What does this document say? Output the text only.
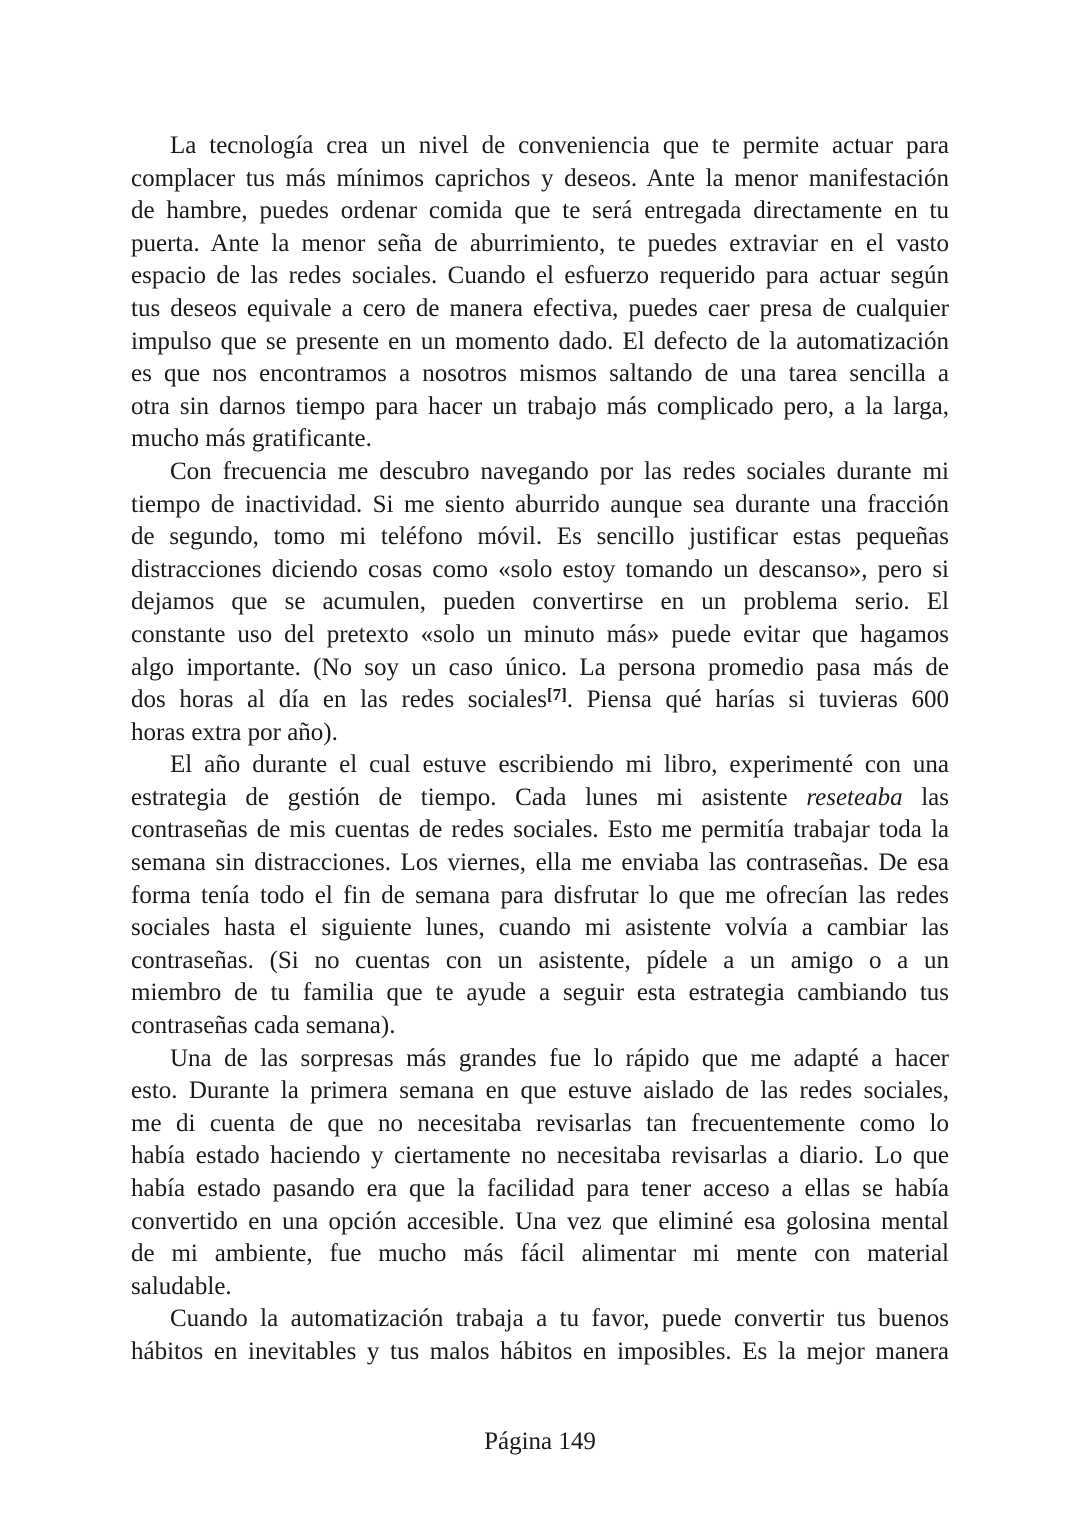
La tecnología crea un nivel de conveniencia que te permite actuar para
complacer tus más mínimos caprichos y deseos. Ante la menor manifestación
de hambre, puedes ordenar comida que te será entregada directamente en tu
puerta. Ante la menor seña de aburrimiento, te puedes extraviar en el vasto
espacio de las redes sociales. Cuando el esfuerzo requerido para actuar según
tus deseos equivale a cero de manera efectiva, puedes caer presa de cualquier
impulso que se presente en un momento dado. El defecto de la automatización
es que nos encontramos a nosotros mismos saltando de una tarea sencilla a
otra sin darnos tiempo para hacer un trabajo más complicado pero, a la larga,
mucho más gratificante.
Con frecuencia me descubro navegando por las redes sociales durante mi
tiempo de inactividad. Si me siento aburrido aunque sea durante una fracción
de segundo, tomo mi teléfono móvil. Es sencillo justificar estas pequeñas
distracciones diciendo cosas como «solo estoy tomando un descanso», pero si
dejamos que se acumulen, pueden convertirse en un problema serio. El
constante uso del pretexto «solo un minuto más» puede evitar que hagamos
algo importante. (No soy un caso único. La persona promedio pasa más de
dos horas al día en las redes sociales[7]. Piensa qué harías si tuvieras 600
horas extra por año).
El año durante el cual estuve escribiendo mi libro, experimenté con una
estrategia de gestión de tiempo. Cada lunes mi asistente reseteaba las
contraseñas de mis cuentas de redes sociales. Esto me permitía trabajar toda la
semana sin distracciones. Los viernes, ella me enviaba las contraseñas. De esa
forma tenía todo el fin de semana para disfrutar lo que me ofrecían las redes
sociales hasta el siguiente lunes, cuando mi asistente volvía a cambiar las
contraseñas. (Si no cuentas con un asistente, pídele a un amigo o a un
miembro de tu familia que te ayude a seguir esta estrategia cambiando tus
contraseñas cada semana).
Una de las sorpresas más grandes fue lo rápido que me adapté a hacer
esto. Durante la primera semana en que estuve aislado de las redes sociales,
me di cuenta de que no necesitaba revisarlas tan frecuentemente como lo
había estado haciendo y ciertamente no necesitaba revisarlas a diario. Lo que
había estado pasando era que la facilidad para tener acceso a ellas se había
convertido en una opción accesible. Una vez que eliminé esa golosina mental
de mi ambiente, fue mucho más fácil alimentar mi mente con material
saludable.
Cuando la automatización trabaja a tu favor, puede convertir tus buenos
hábitos en inevitables y tus malos hábitos en imposibles. Es la mejor manera
Página 149
